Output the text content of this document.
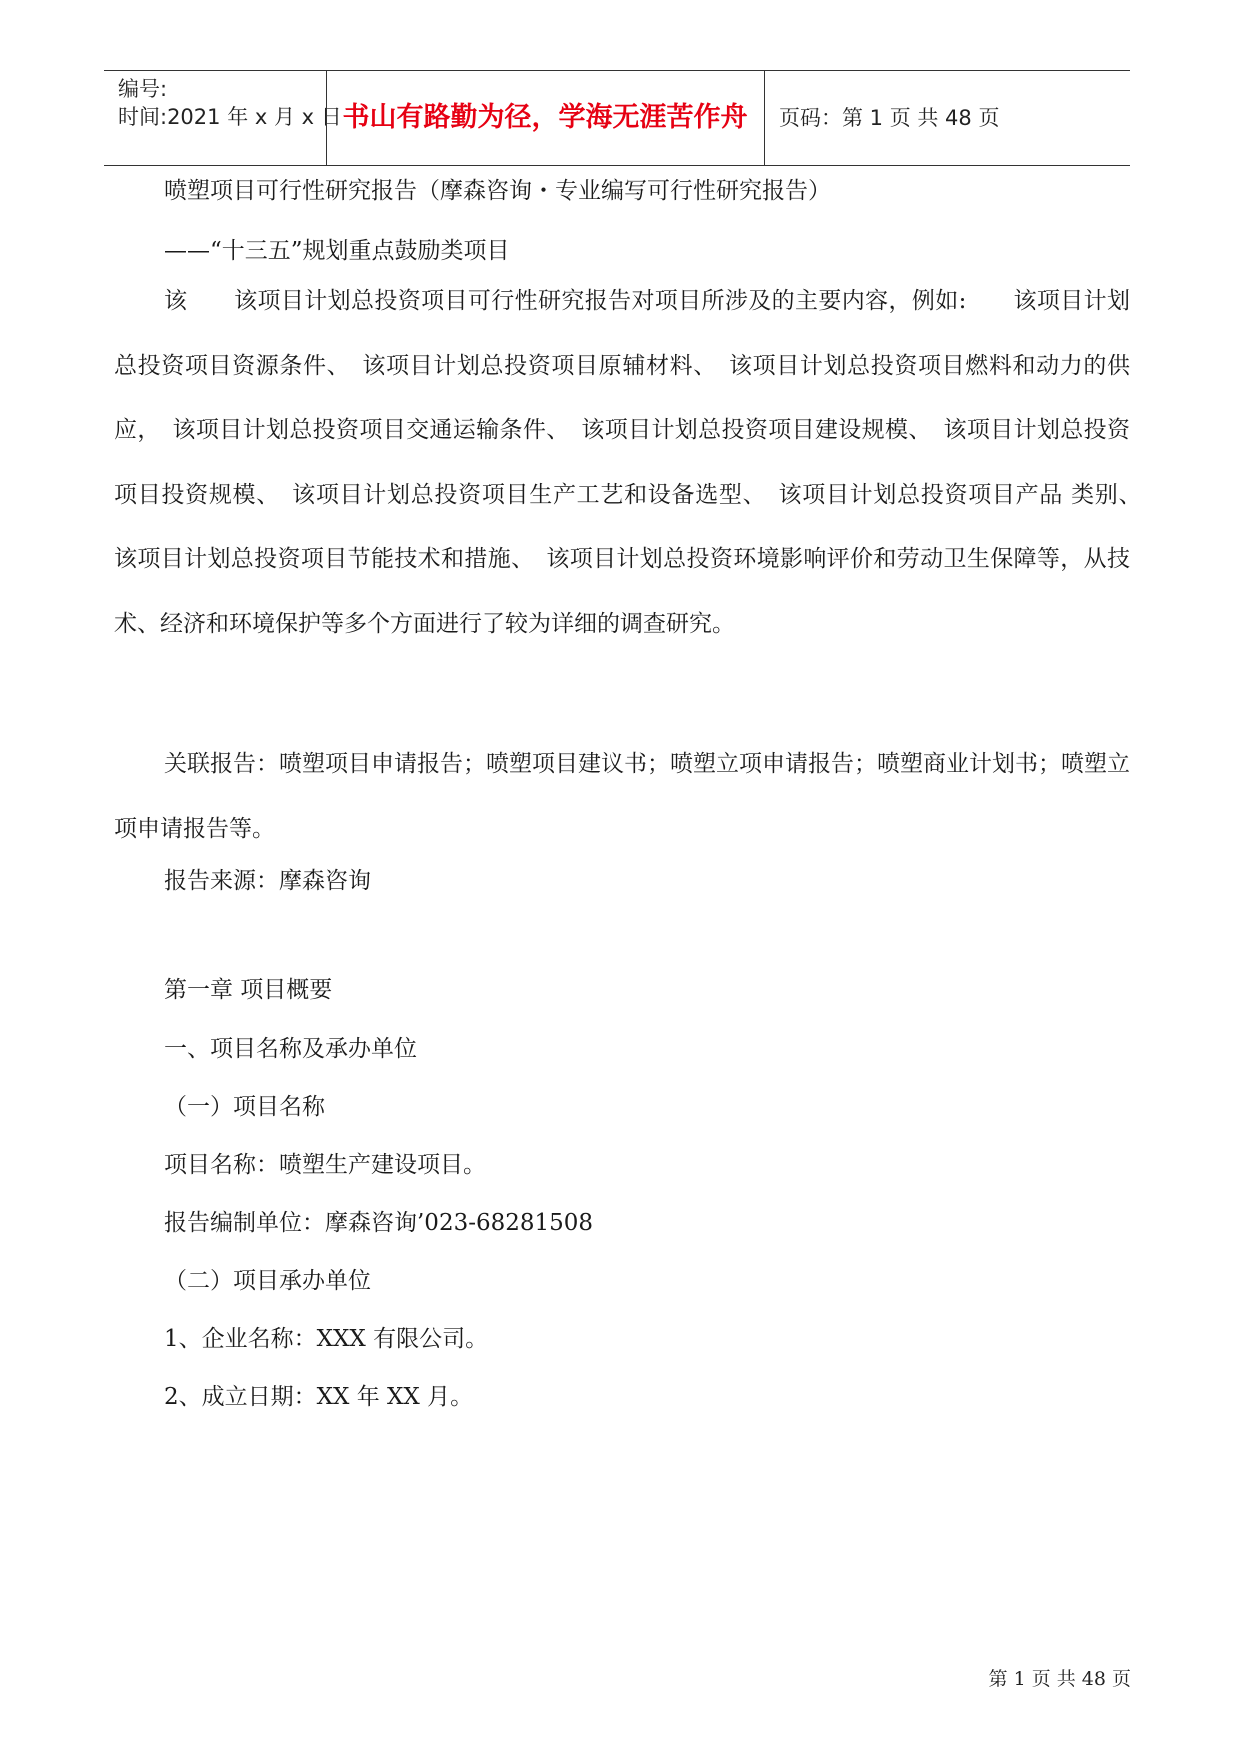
编号:
时间:2021 年 x 月 x 日 书山有路勤为径，学海无涯苦作舟	页码：第 1 页 共 48 页
喷塑项目可行性研究报告（摩森咨询・专业编写可行性研究报告）
——“十三五”规划重点鼓励类项目
该　　该项目计划总投资项目可行性研究报告对项目所涉及的主要内容，例如:　　该项目计划总投资项目资源条件、　该项目计划总投资项目原辅材料、　该项目计划总投资项目燃料和动力的供应，　该项目计划总投资项目交通运输条件、　该项目计划总投资项目建设规模、　该项目计划总投资项目投资规模、　该项目计划总投资项目生产工艺和设备选型、　该项目计划总投资项目产品 类别、　该项目计划总投资项目节能技术和措施、　该项目计划总投资环境影响评价和劳动卫生保障等，从技术、经济和环境保护等多个方面进行了较为详细的调查研究。
关联报告：喷塑项目申请报告；喷塑项目建议书；喷塑立项申请报告；喷塑商业计划书；喷塑立项申请报告等。
报告来源：摩森咨询
第一章 项目概要
一、项目名称及承办单位
（一）项目名称
项目名称：喷塑生产建设项目。
报告编制单位：摩森咨询’023-68281508
（二）项目承办单位
1、企业名称：XXX 有限公司。
2、成立日期：XX 年 XX 月。
第 1 页 共 48 页
